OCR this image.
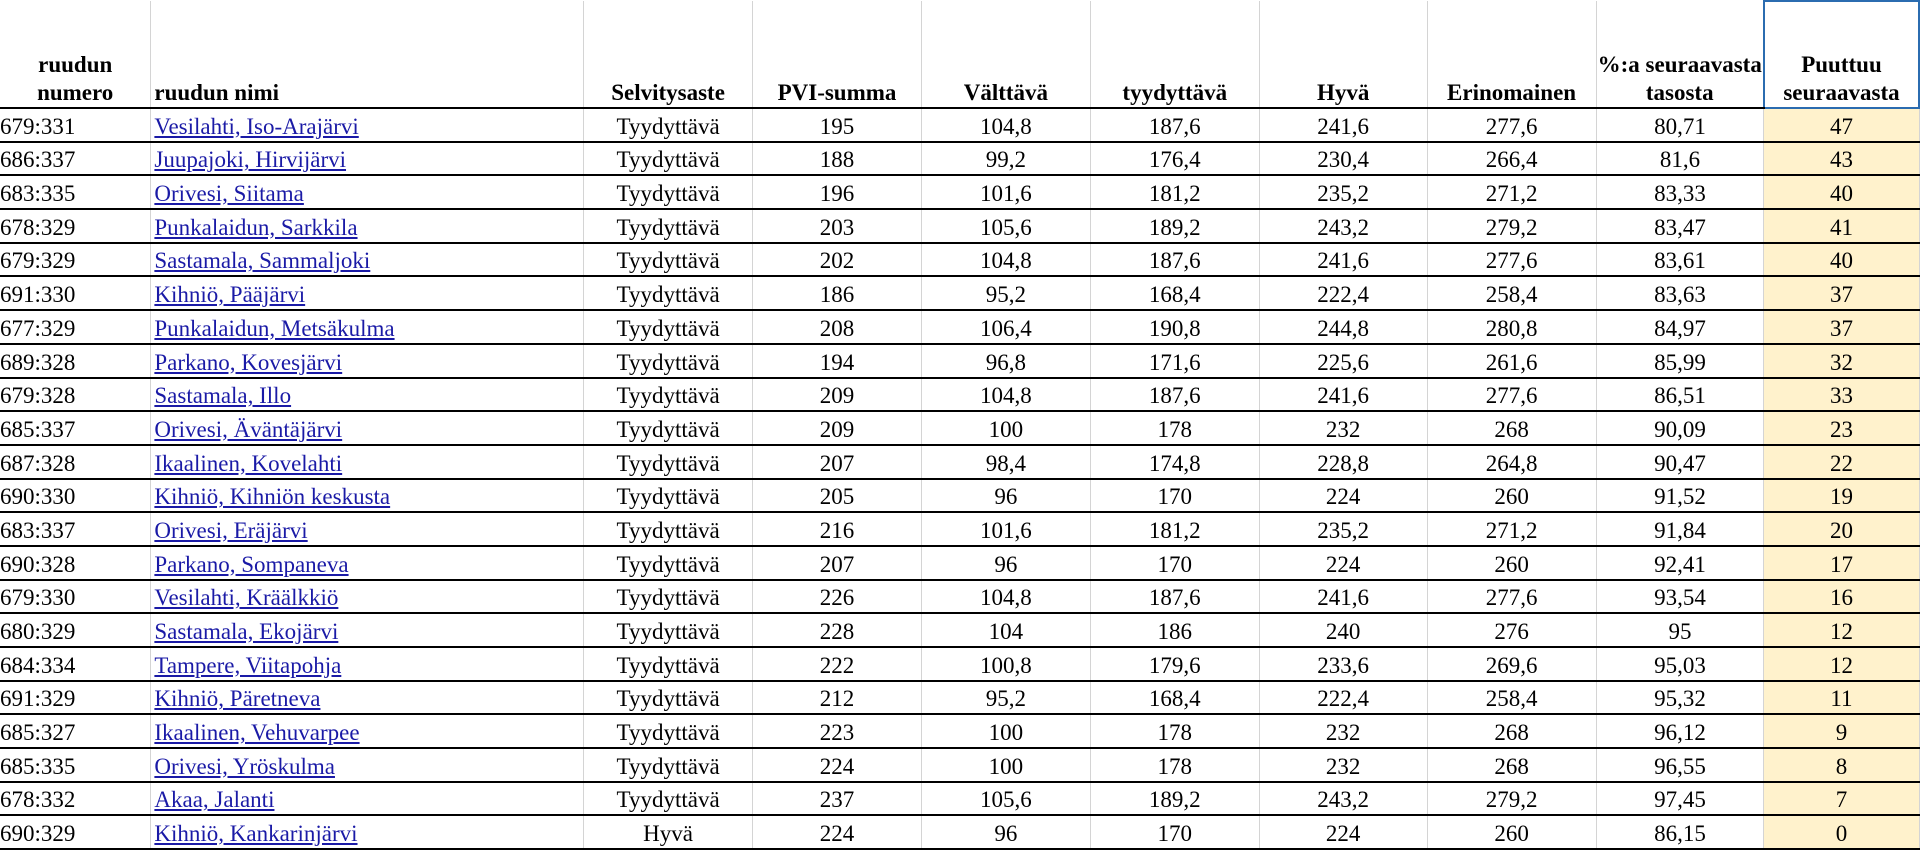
ruudun numero	ruudun nimi	Selvitysaste	PVI-summa	Välttävä	tyydyttävä	Hyvä	Erinomainen	%:a seuraavasta tasosta	Puuttuu seuraavasta

679:331	Vesilahti, Iso-Arajärvi	Tyydyttävä	195	104,8	187,6	241,6	277,6	80,71	47
686:337	Juupajoki, Hirvijärvi	Tyydyttävä	188	99,2	176,4	230,4	266,4	81,6	43
683:335	Orivesi, Siitama	Tyydyttävä	196	101,6	181,2	235,2	271,2	83,33	40
678:329	Punkalaidun, Sarkkila	Tyydyttävä	203	105,6	189,2	243,2	279,2	83,47	41
679:329	Sastamala, Sammaljoki	Tyydyttävä	202	104,8	187,6	241,6	277,6	83,61	40
691:330	Kihniö, Pääjärvi	Tyydyttävä	186	95,2	168,4	222,4	258,4	83,63	37
677:329	Punkalaidun, Metsäkulma	Tyydyttävä	208	106,4	190,8	244,8	280,8	84,97	37
689:328	Parkano, Kovesjärvi	Tyydyttävä	194	96,8	171,6	225,6	261,6	85,99	32
679:328	Sastamala, Illo	Tyydyttävä	209	104,8	187,6	241,6	277,6	86,51	33
685:337	Orivesi, Äväntäjärvi	Tyydyttävä	209	100	178	232	268	90,09	23
687:328	Ikaalinen, Kovelahti	Tyydyttävä	207	98,4	174,8	228,8	264,8	90,47	22
690:330	Kihniö, Kihniön keskusta	Tyydyttävä	205	96	170	224	260	91,52	19
683:337	Orivesi, Eräjärvi	Tyydyttävä	216	101,6	181,2	235,2	271,2	91,84	20
690:328	Parkano, Sompaneva	Tyydyttävä	207	96	170	224	260	92,41	17
679:330	Vesilahti, Kräälkkiö	Tyydyttävä	226	104,8	187,6	241,6	277,6	93,54	16
680:329	Sastamala, Ekojärvi	Tyydyttävä	228	104	186	240	276	95	12
684:334	Tampere, Viitapohja	Tyydyttävä	222	100,8	179,6	233,6	269,6	95,03	12
691:329	Kihniö, Päretneva	Tyydyttävä	212	95,2	168,4	222,4	258,4	95,32	11
685:327	Ikaalinen, Vehuvarpee	Tyydyttävä	223	100	178	232	268	96,12	9
685:335	Orivesi, Yröskulma	Tyydyttävä	224	100	178	232	268	96,55	8
678:332	Akaa, Jalanti	Tyydyttävä	237	105,6	189,2	243,2	279,2	97,45	7
690:329	Kihniö, Kankarinjärvi	Hyvä	224	96	170	224	260	86,15	0
